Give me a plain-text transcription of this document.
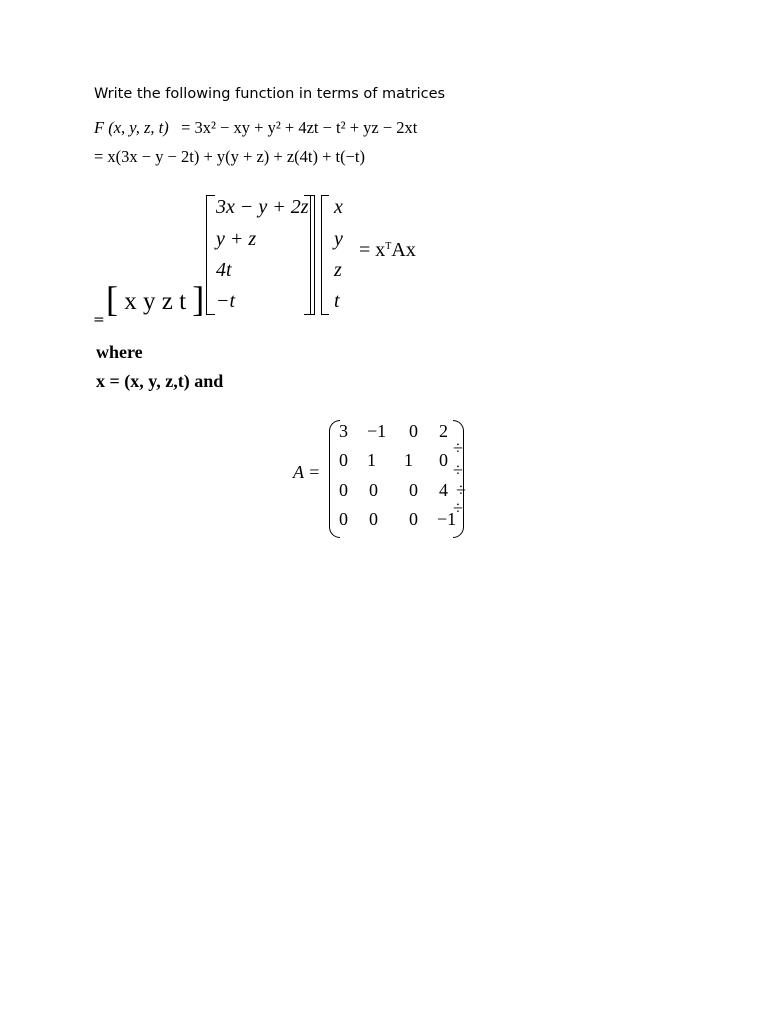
Write the following function in terms of matrices
F (x, y, z, t) = 3x² − xy + y² + 4zt − t² + yz − 2xt
= x(3x − y − 2t) + y(y + z) + z(4t) + t(−t)
[ x y z t ]
3x − y + 2z
y + z
4t
−t
x
y
z
t
= $x^TAx$
=
where
x = (x, y, z,t) and
A =
3 −1 0 2
0 1 1 0
0 0 0 4
0 0 0 −1
÷
÷
÷
÷
